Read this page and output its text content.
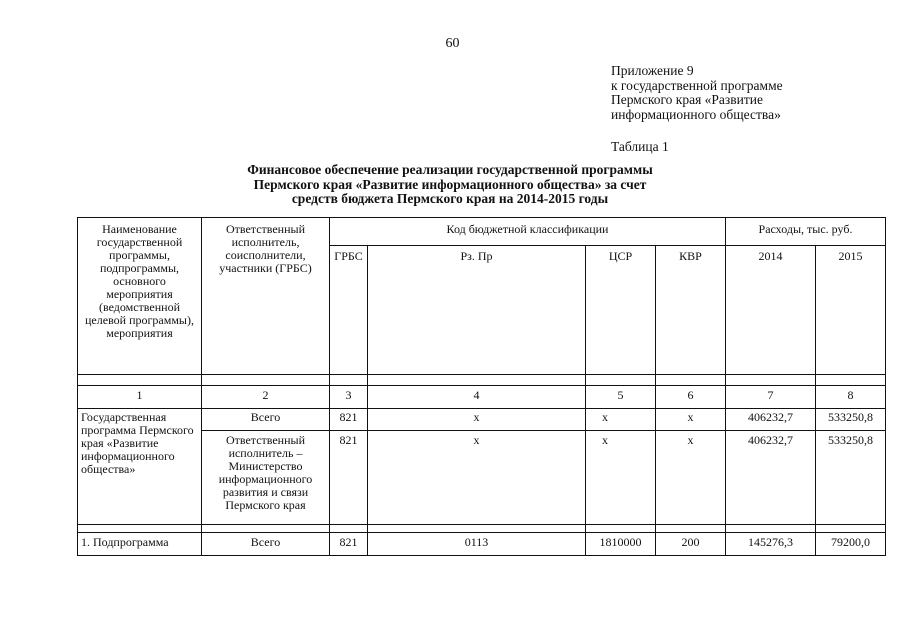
60
Приложение 9
к государственной программе
Пермского края «Развитие
информационного общества»
Таблица 1
Финансовое обеспечение реализации государственной программы
Пермского края «Развитие информационного общества» за счет
средств бюджета Пермского края на 2014-2015 годы
Наименование государственной программы, подпрограммы, основного мероприятия (ведомственной целевой программы), мероприятия	Ответственный исполнитель, соисполнители, участники (ГРБС)	Код бюджетной классификации				Расходы, тыс. руб.	
		ГРБС	Рз. Пр	ЦСР	КВР	2014	2015

1	2	3	4	5	6	7	8
Государственная программа Пермского края «Развитие информационного общества»	Всего	821	х	х	х	406232,7	533250,8
	Ответственный исполнитель – Министерство информационного развития и связи Пермского края	821	х	х	х	406232,7	533250,8

1. Подпрограмма	Всего	821	0113	1810000	200	145276,3	79200,0
